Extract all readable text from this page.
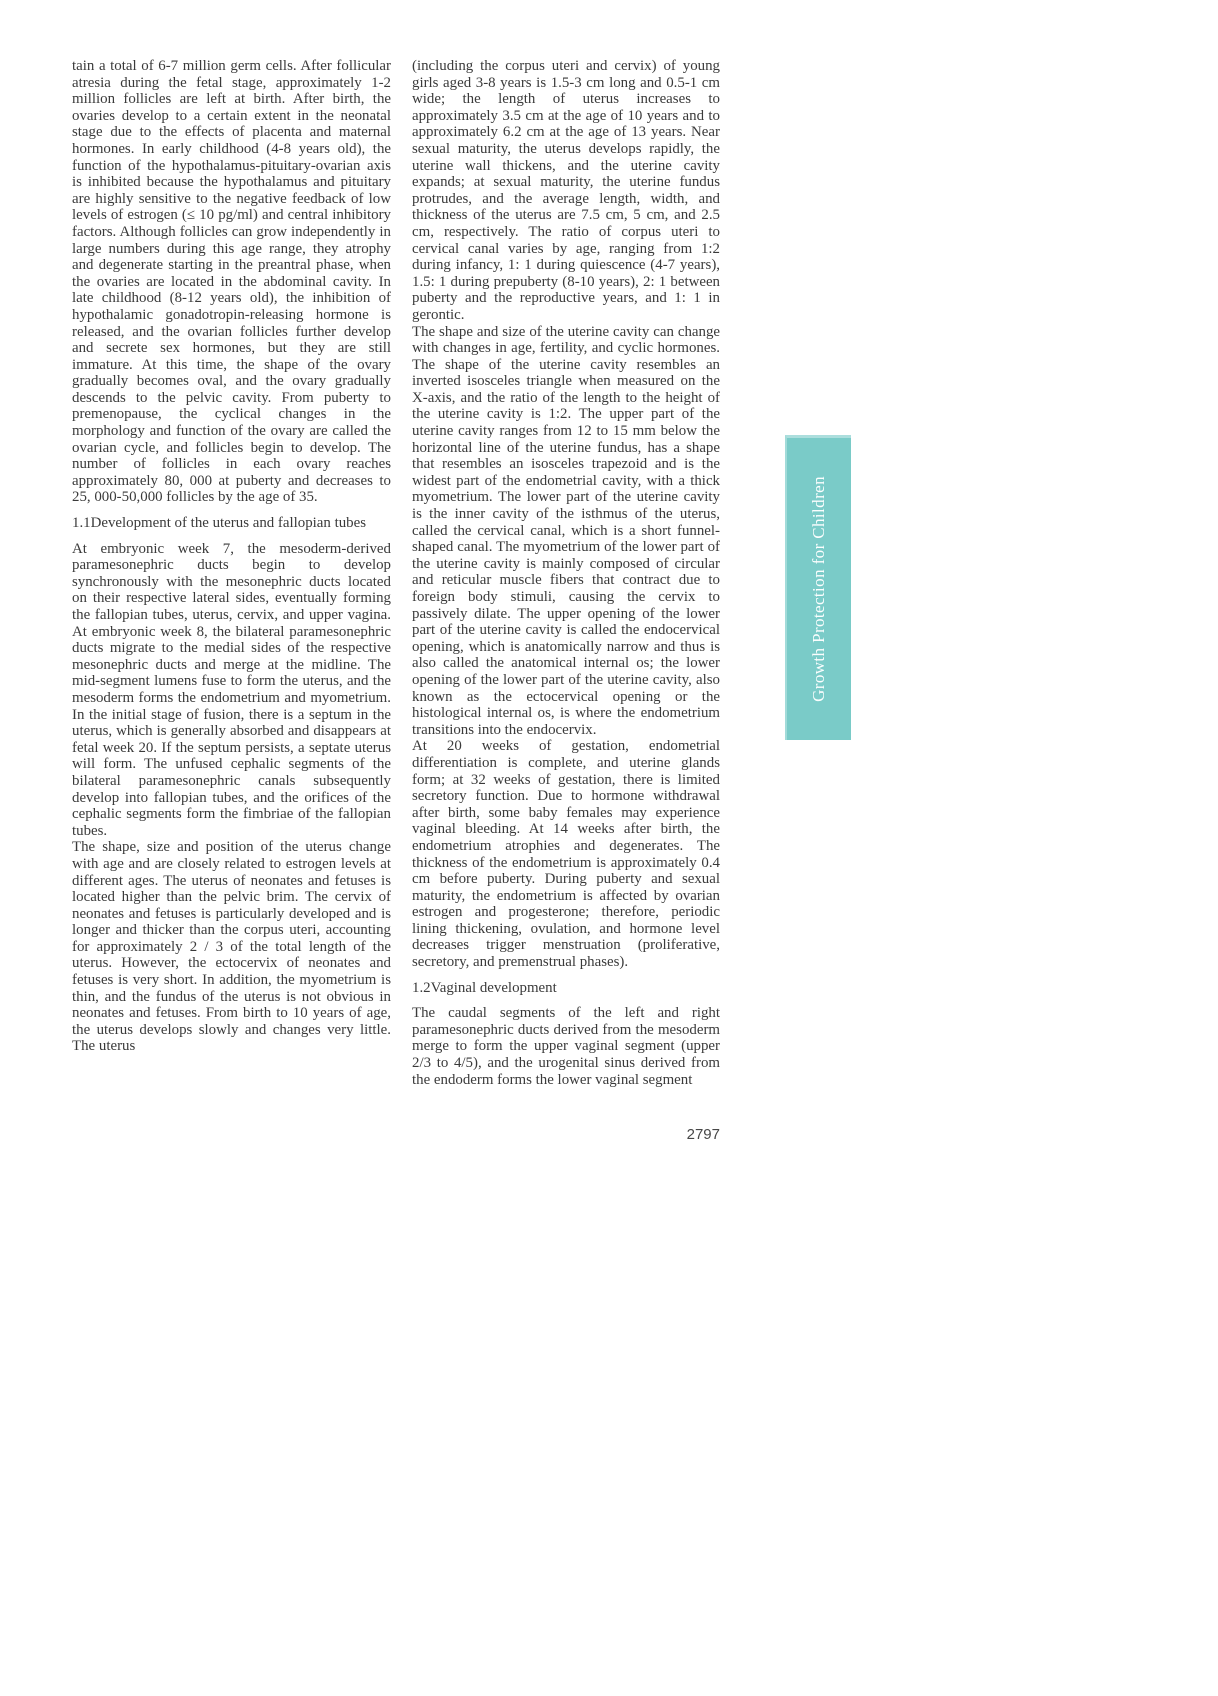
tain a total of 6-7 million germ cells. After follicular atresia during the fetal stage, approximately 1-2 million follicles are left at birth. After birth, the ovaries develop to a certain extent in the neonatal stage due to the effects of placenta and maternal hormones. In early childhood (4-8 years old), the function of the hypothalamus-pituitary-ovarian axis is inhibited because the hypothalamus and pituitary are highly sensitive to the negative feedback of low levels of estrogen (≤ 10 pg/ml) and central inhibitory factors. Although follicles can grow independently in large numbers during this age range, they atrophy and degenerate starting in the preantral phase, when the ovaries are located in the abdominal cavity. In late childhood (8-12 years old), the inhibition of hypothalamic gonadotropin-releasing hormone is released, and the ovarian follicles further develop and secrete sex hormones, but they are still immature. At this time, the shape of the ovary gradually becomes oval, and the ovary gradually descends to the pelvic cavity. From puberty to premenopause, the cyclical changes in the morphology and function of the ovary are called the ovarian cycle, and follicles begin to develop. The number of follicles in each ovary reaches approximately 80, 000 at puberty and decreases to 25, 000-50,000 follicles by the age of 35.

1.1Development of the uterus and fallopian tubes

At embryonic week 7, the mesoderm-derived paramesonephric ducts begin to develop synchronously with the mesonephric ducts located on their respective lateral sides, eventually forming the fallopian tubes, uterus, cervix, and upper vagina. At embryonic week 8, the bilateral paramesonephric ducts migrate to the medial sides of the respective mesonephric ducts and merge at the midline. The mid-segment lumens fuse to form the uterus, and the mesoderm forms the endometrium and myometrium. In the initial stage of fusion, there is a septum in the uterus, which is generally absorbed and disappears at fetal week 20. If the septum persists, a septate uterus will form. The unfused cephalic segments of the bilateral paramesonephric canals subsequently develop into fallopian tubes, and the orifices of the cephalic segments form the fimbriae of the fallopian tubes.

The shape, size and position of the uterus change with age and are closely related to estrogen levels at different ages. The uterus of neonates and fetuses is located higher than the pelvic brim. The cervix of neonates and fetuses is particularly developed and is longer and thicker than the corpus uteri, accounting for approximately 2 / 3 of the total length of the uterus. However, the ectocervix of neonates and fetuses is very short. In addition, the myometrium is thin, and the fundus of the uterus is not obvious in neonates and fetuses. From birth to 10 years of age, the uterus develops slowly and changes very little. The uterus

(including the corpus uteri and cervix) of young girls aged 3-8 years is 1.5-3 cm long and 0.5-1 cm wide; the length of uterus increases to approximately 3.5 cm at the age of 10 years and to approximately 6.2 cm at the age of 13 years. Near sexual maturity, the uterus develops rapidly, the uterine wall thickens, and the uterine cavity expands; at sexual maturity, the uterine fundus protrudes, and the average length, width, and thickness of the uterus are 7.5 cm, 5 cm, and 2.5 cm, respectively. The ratio of corpus uteri to cervical canal varies by age, ranging from 1:2 during infancy, 1: 1 during quiescence (4-7 years), 1.5: 1 during prepuberty (8-10 years), 2: 1 between puberty and the reproductive years, and 1: 1 in gerontic.

The shape and size of the uterine cavity can change with changes in age, fertility, and cyclic hormones. The shape of the uterine cavity resembles an inverted isosceles triangle when measured on the X-axis, and the ratio of the length to the height of the uterine cavity is 1:2. The upper part of the uterine cavity ranges from 12 to 15 mm below the horizontal line of the uterine fundus, has a shape that resembles an isosceles trapezoid and is the widest part of the endometrial cavity, with a thick myometrium. The lower part of the uterine cavity is the inner cavity of the isthmus of the uterus, called the cervical canal, which is a short funnel-shaped canal. The myometrium of the lower part of the uterine cavity is mainly composed of circular and reticular muscle fibers that contract due to foreign body stimuli, causing the cervix to passively dilate. The upper opening of the lower part of the uterine cavity is called the endocervical opening, which is anatomically narrow and thus is also called the anatomical internal os; the lower opening of the lower part of the uterine cavity, also known as the ectocervical opening or the histological internal os, is where the endometrium transitions into the endocervix.

At 20 weeks of gestation, endometrial differentiation is complete, and uterine glands form; at 32 weeks of gestation, there is limited secretory function. Due to hormone withdrawal after birth, some baby females may experience vaginal bleeding. At 14 weeks after birth, the endometrium atrophies and degenerates. The thickness of the endometrium is approximately 0.4 cm before puberty. During puberty and sexual maturity, the endometrium is affected by ovarian estrogen and progesterone; therefore, periodic lining thickening, ovulation, and hormone level decreases trigger menstruation (proliferative, secretory, and premenstrual phases).

1.2Vaginal development

The caudal segments of the left and right paramesonephric ducts derived from the mesoderm merge to form the upper vaginal segment (upper 2/3 to 4/5), and the urogenital sinus derived from the endoderm forms the lower vaginal segment

2797
Growth Protection for Children
